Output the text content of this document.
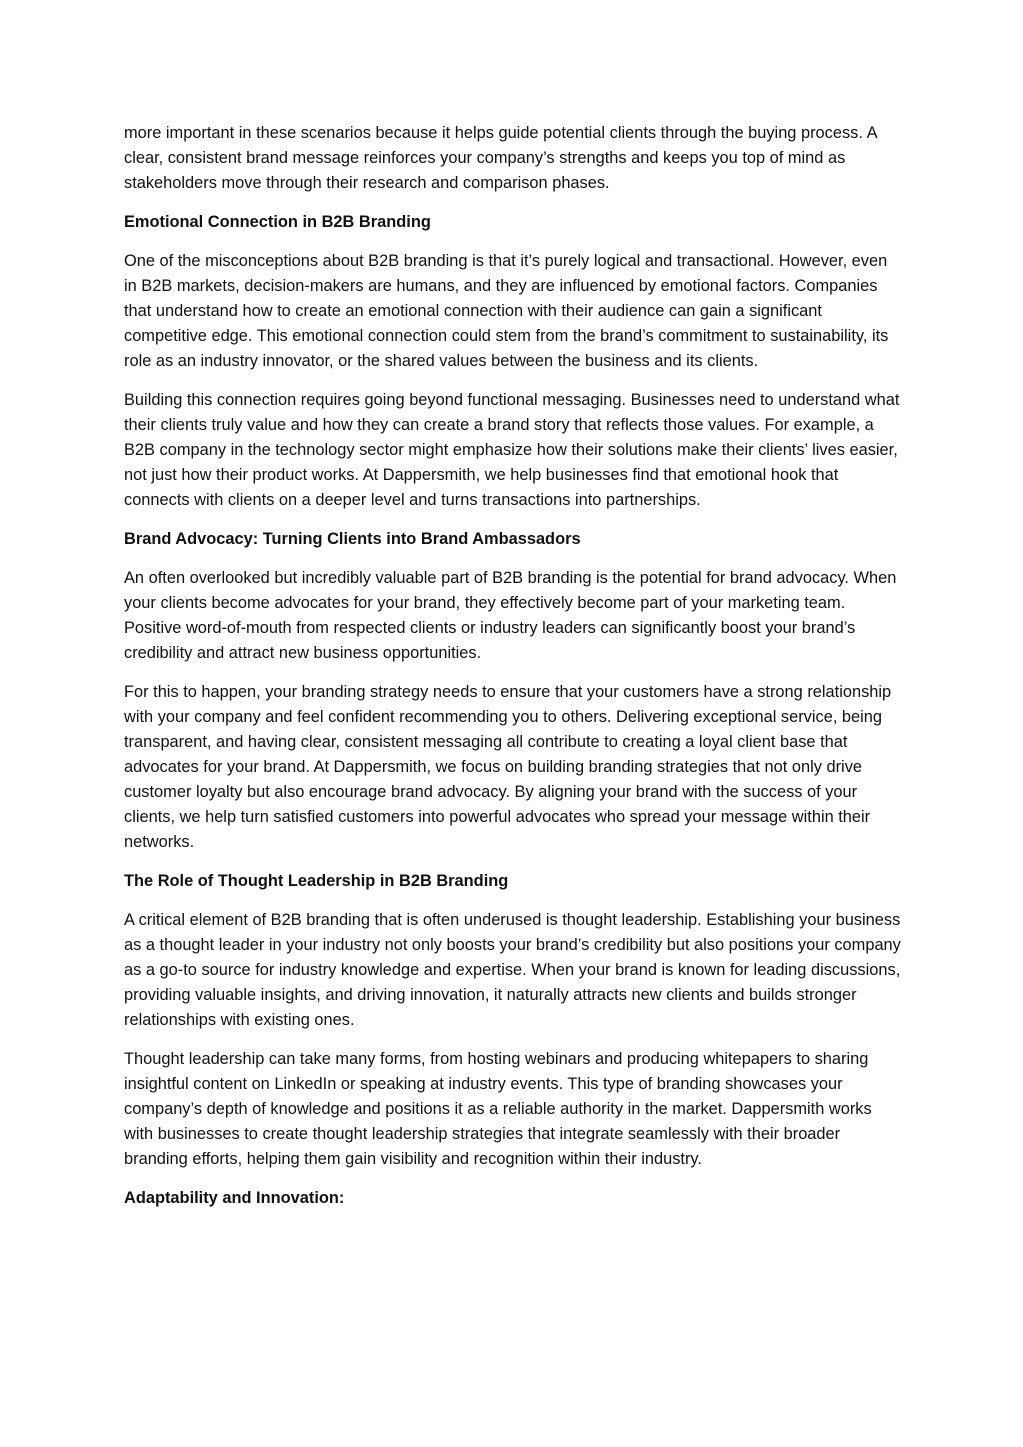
more important in these scenarios because it helps guide potential clients through the buying process. A clear, consistent brand message reinforces your company’s strengths and keeps you top of mind as stakeholders move through their research and comparison phases.

Emotional Connection in B2B Branding

One of the misconceptions about B2B branding is that it’s purely logical and transactional. However, even in B2B markets, decision-makers are humans, and they are influenced by emotional factors. Companies that understand how to create an emotional connection with their audience can gain a significant competitive edge. This emotional connection could stem from the brand’s commitment to sustainability, its role as an industry innovator, or the shared values between the business and its clients.

Building this connection requires going beyond functional messaging. Businesses need to understand what their clients truly value and how they can create a brand story that reflects those values. For example, a B2B company in the technology sector might emphasize how their solutions make their clients’ lives easier, not just how their product works. At Dappersmith, we help businesses find that emotional hook that connects with clients on a deeper level and turns transactions into partnerships.

Brand Advocacy: Turning Clients into Brand Ambassadors

An often overlooked but incredibly valuable part of B2B branding is the potential for brand advocacy. When your clients become advocates for your brand, they effectively become part of your marketing team. Positive word-of-mouth from respected clients or industry leaders can significantly boost your brand’s credibility and attract new business opportunities.

For this to happen, your branding strategy needs to ensure that your customers have a strong relationship with your company and feel confident recommending you to others. Delivering exceptional service, being transparent, and having clear, consistent messaging all contribute to creating a loyal client base that advocates for your brand. At Dappersmith, we focus on building branding strategies that not only drive customer loyalty but also encourage brand advocacy. By aligning your brand with the success of your clients, we help turn satisfied customers into powerful advocates who spread your message within their networks.

The Role of Thought Leadership in B2B Branding

A critical element of B2B branding that is often underused is thought leadership. Establishing your business as a thought leader in your industry not only boosts your brand’s credibility but also positions your company as a go-to source for industry knowledge and expertise. When your brand is known for leading discussions, providing valuable insights, and driving innovation, it naturally attracts new clients and builds stronger relationships with existing ones.

Thought leadership can take many forms, from hosting webinars and producing whitepapers to sharing insightful content on LinkedIn or speaking at industry events. This type of branding showcases your company’s depth of knowledge and positions it as a reliable authority in the market. Dappersmith works with businesses to create thought leadership strategies that integrate seamlessly with their broader branding efforts, helping them gain visibility and recognition within their industry.

Adaptability and Innovation:
